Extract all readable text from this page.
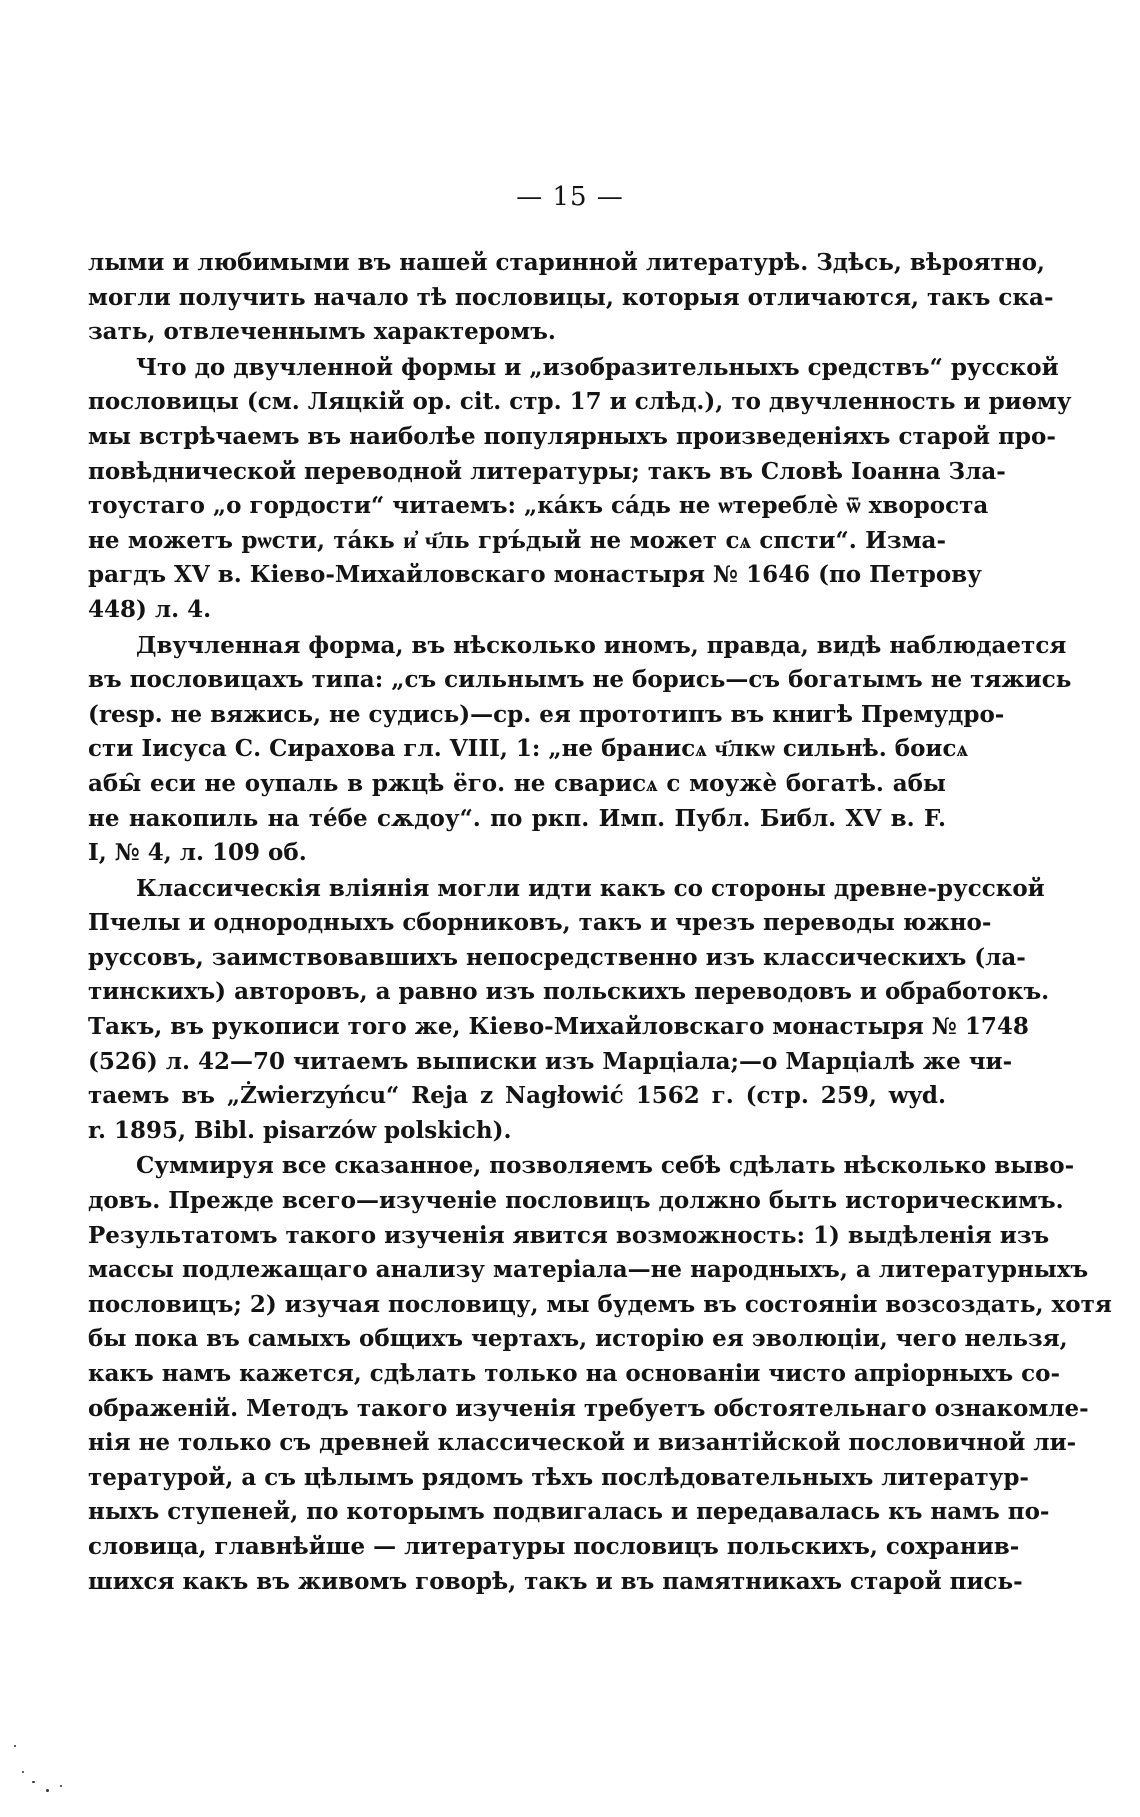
— 15 —
лыми и любимыми въ нашей старинной литературѣ. Здѣсь, вѣроятно,
могли получить начало тѣ пословицы, которыя отличаются, такъ ска-
зать, отвлеченнымъ характеромъ.
Что до двучленной формы и „изобразительныхъ средствъ“ русской
пословицы (см. Ляцкій op. cit. стр. 17 и слѣд.), то двучленность и риѳму
мы встрѣчаемъ въ наиболѣе популярныхъ произведеніяхъ старой про-
повѣднической переводной литературы; такъ въ Словѣ Іоанна Зла-
тоустаго „о гордости“ читаемъ: „ка́къ са́дь не ѡтереблѐ ѿ хвороста
не можетъ рѡсти, та́кь и҆ ч҃ль гръ́дый не может сѧ спсти“. Изма-
рагдъ XV в. Кіево-Михайловскаго монастыря № 1646 (по Петрову
448) л. 4.
Двучленная форма, въ нѣсколько иномъ, правда, видѣ наблюдается
въ пословицахъ типа: „съ сильнымъ не борись—съ богатымъ не тяжись
(resp. не вяжись, не судись)—ср. ея прототипъ въ книгѣ Премудро-
сти Іисуса С. Сирахова гл. VIII, 1: „не бранисѧ ч҃лкѡ сильнѣ. боисѧ
абы̑ еси не оупаль в ржцѣ ёго. не сварисѧ с моужѐ богатѣ. абы
не накопиль на те́бе сѫдоу“. по ркп. Имп. Публ. Библ. XV в. F.
I, № 4, л. 109 об.
Классическія вліянія могли идти какъ со стороны древне-русской
Пчелы и однородныхъ сборниковъ, такъ и чрезъ переводы южно-
руссовъ, заимствовавшихъ непосредственно изъ классическихъ (ла-
тинскихъ) авторовъ, а равно изъ польскихъ переводовъ и обработокъ.
Такъ, въ рукописи того же, Кіево-Михайловскаго монастыря № 1748
(526) л. 42—70 читаемъ выписки изъ Марціала;—о Марціалѣ же чи-
таемъ въ „Żwierzyńcu“ Reja z Nagłowić 1562 г. (стр. 259, wyd.
r. 1895, Bibl. pisarzów polskich).
Суммируя все сказанное, позволяемъ себѣ сдѣлать нѣсколько выво-
довъ. Прежде всего—изученіе пословицъ должно быть историческимъ.
Результатомъ такого изученія явится возможность: 1) выдѣленія изъ
массы подлежащаго анализу матеріала—не народныхъ, а литературныхъ
пословицъ; 2) изучая пословицу, мы будемъ въ состояніи возсоздать, хотя
бы пока въ самыхъ общихъ чертахъ, исторію ея эволюціи, чего нельзя,
какъ намъ кажется, сдѣлать только на основаніи чисто апріорныхъ со-
ображеній. Методъ такого изученія требуетъ обстоятельнаго ознакомле-
нія не только съ древней классической и византійской пословичной ли-
тературой, а съ цѣлымъ рядомъ тѣхъ послѣдовательныхъ литератур-
ныхъ ступеней, по которымъ подвигалась и передавалась къ намъ по-
словица, главнѣйше — литературы пословицъ польскихъ, сохранив-
шихся какъ въ живомъ говорѣ, такъ и въ памятникахъ старой пись-
